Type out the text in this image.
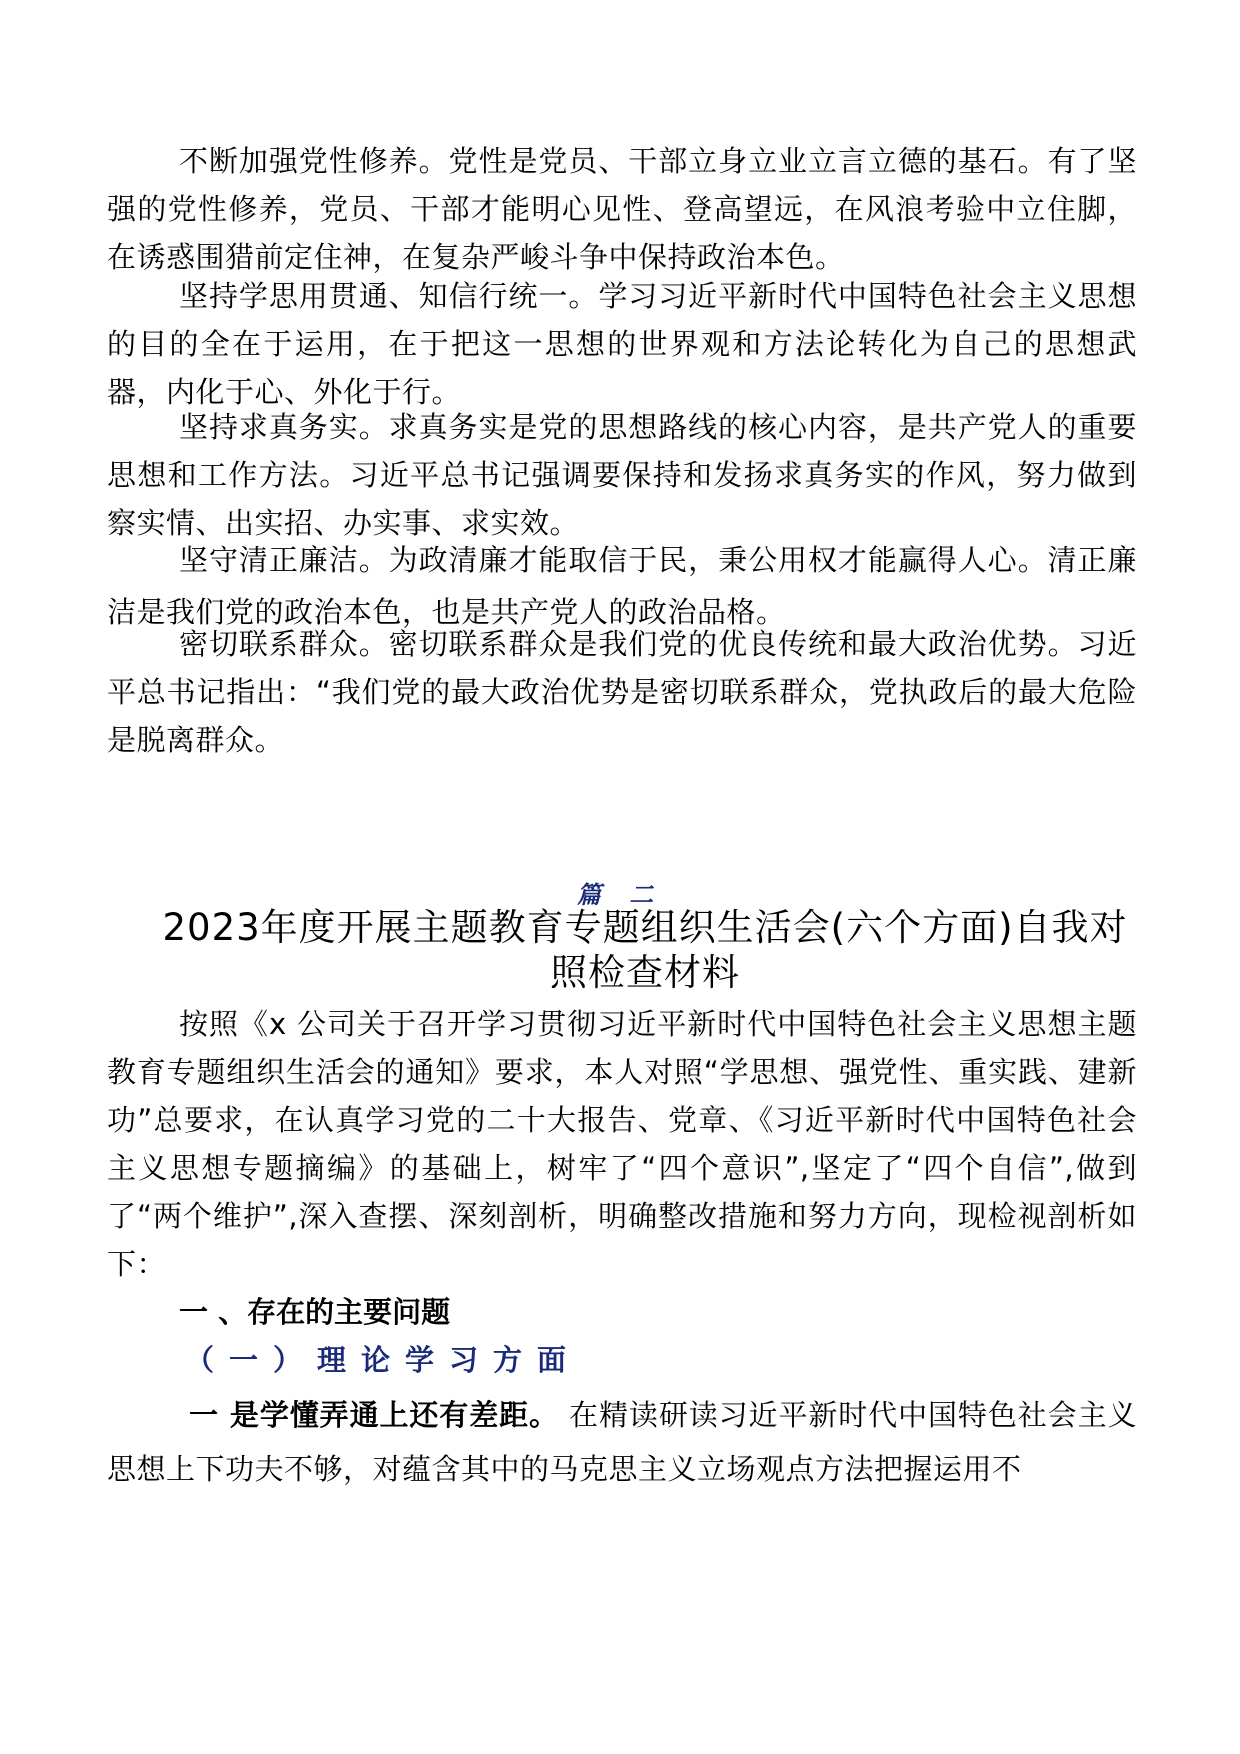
不断加强党性修养。党性是党员、干部立身立业立言立德的基石。有了坚强的党性修养，党员、干部才能明心见性、登高望远，在风浪考验中立住脚，在诱惑围猎前定住神，在复杂严峻斗争中保持政治本色。

坚持学思用贯通、知信行统一。学习习近平新时代中国特色社会主义思想的目的全在于运用，在于把这一思想的世界观和方法论转化为自己的思想武器，内化于心、外化于行。

坚持求真务实。求真务实是党的思想路线的核心内容，是共产党人的重要思想和工作方法。习近平总书记强调要保持和发扬求真务实的作风，努力做到察实情、出实招、办实事、求实效。

坚守清正廉洁。为政清廉才能取信于民，秉公用权才能赢得人心。清正廉洁是我们党的政治本色，也是共产党人的政治品格。

密切联系群众。密切联系群众是我们党的优良传统和最大政治优势。习近平总书记指出：“我们党的最大政治优势是密切联系群众，党执政后的最大危险是脱离群众。

篇 二
2023年度开展主题教育专题组织生活会(六个方面)自我对照检查材料

按照《x 公司关于召开学习贯彻习近平新时代中国特色社会主义思想主题教育专题组织生活会的通知》要求，本人对照“学思想、强党性、重实践、建新功”总要求，在认真学习党的二十大报告、党章、《习近平新时代中国特色社会主义思想专题摘编》的基础上，树牢了“四个意识”,坚定了“四个自信”,做到了“两个维护”,深入查摆、深刻剖析，明确整改措施和努力方向，现检视剖析如下：

一 、存在的主要问题
（一）理论学习方面

一 是学懂弄通上还有差距。 在精读研读习近平新时代中国特色社会主义思想上下功夫不够，对蕴含其中的马克思主义立场观点方法把握运用不
